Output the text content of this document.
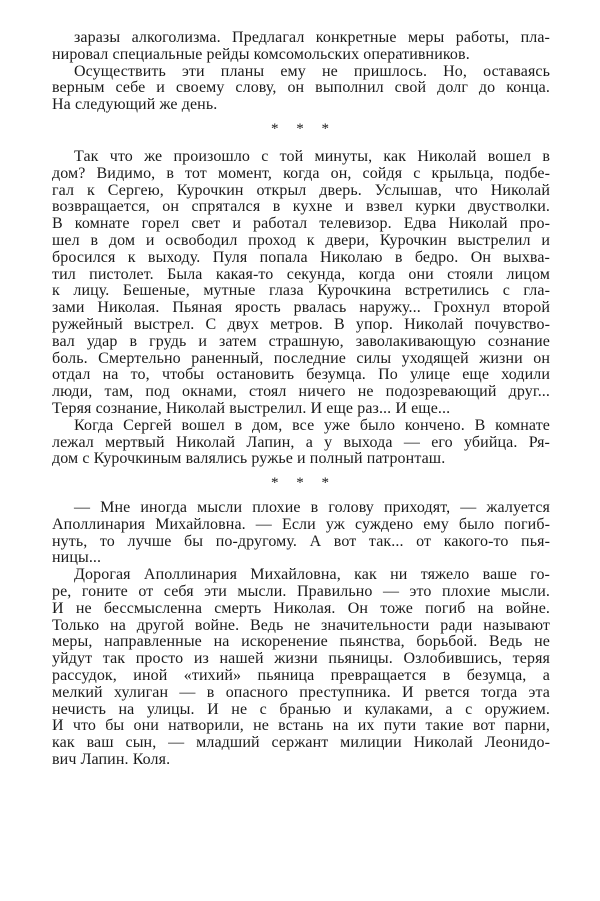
заразы алкоголизма. Предлагал конкретные меры работы, пла-
нировал специальные рейды комсомольских оперативников.
Осуществить эти планы ему не пришлось. Но, оставаясь
верным себе и своему слову, он выполнил свой долг до конца.
На следующий же день.
* * *
Так что же произошло с той минуты, как Николай вошел в
дом? Видимо, в тот момент, когда он, сойдя с крыльца, подбе-
гал к Сергею, Курочкин открыл дверь. Услышав, что Николай
возвращается, он спрятался в кухне и взвел курки двустволки.
В комнате горел свет и работал телевизор. Едва Николай про-
шел в дом и освободил проход к двери, Курочкин выстрелил и
бросился к выходу. Пуля попала Николаю в бедро. Он выхва-
тил пистолет. Была какая-то секунда, когда они стояли лицом
к лицу. Бешеные, мутные глаза Курочкина встретились с гла-
зами Николая. Пьяная ярость рвалась наружу... Грохнул второй
ружейный выстрел. С двух метров. В упор. Николай почувство-
вал удар в грудь и затем страшную, заволакивающую сознание
боль. Смертельно раненный, последние силы уходящей жизни он
отдал на то, чтобы остановить безумца. По улице еще ходили
люди, там, под окнами, стоял ничего не подозревающий друг...
Теряя сознание, Николай выстрелил. И еще раз... И еще...
Когда Сергей вошел в дом, все уже было кончено. В комнате
лежал мертвый Николай Лапин, а у выхода — его убийца. Ря-
дом с Курочкиным валялись ружье и полный патронташ.
* * *
— Мне иногда мысли плохие в голову приходят, — жалуется
Аполлинария Михайловна. — Если уж суждено ему было погиб-
нуть, то лучше бы по-другому. А вот так... от какого-то пья-
ницы...
Дорогая Аполлинария Михайловна, как ни тяжело ваше го-
ре, гоните от себя эти мысли. Правильно — это плохие мысли.
И не бессмысленна смерть Николая. Он тоже погиб на войне.
Только на другой войне. Ведь не значительности ради называют
меры, направленные на искоренение пьянства, борьбой. Ведь не
уйдут так просто из нашей жизни пьяницы. Озлобившись, теряя
рассудок, иной «тихий» пьяница превращается в безумца, а
мелкий хулиган — в опасного преступника. И рвется тогда эта
нечисть на улицы. И не с бранью и кулаками, а с оружием.
И что бы они натворили, не встань на их пути такие вот парни,
как ваш сын, — младший сержант милиции Николай Леонидо-
вич Лапин. Коля.
